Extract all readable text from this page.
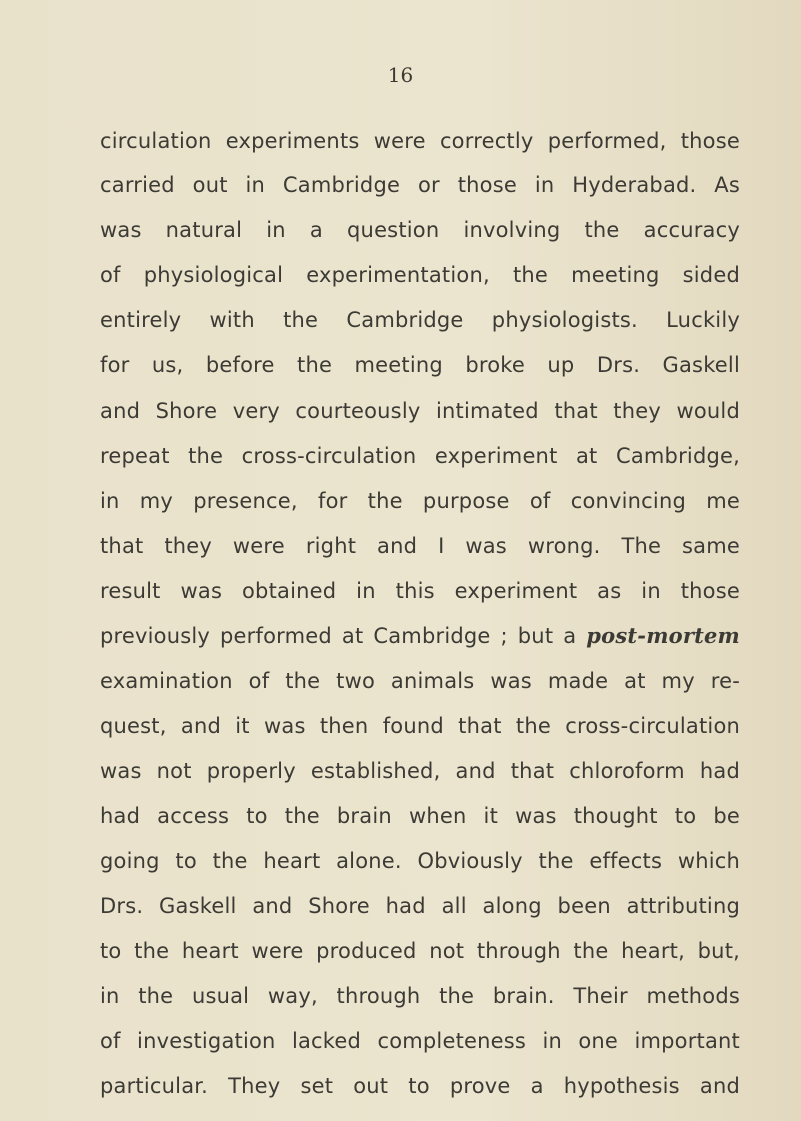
16
circulation experiments were correctly performed, those
carried out in Cambridge or those in Hyderabad. As
was natural in a question involving the accuracy
of physiological experimentation, the meeting sided
entirely with the Cambridge physiologists. Luckily
for us, before the meeting broke up Drs. Gaskell
and Shore very courteously intimated that they would
repeat the cross-circulation experiment at Cambridge,
in my presence, for the purpose of convincing me
that they were right and I was wrong. The same
result was obtained in this experiment as in those
previously performed at Cambridge ; but a post-mortem
examination of the two animals was made at my re-
quest, and it was then found that the cross-circulation
was not properly established, and that chloroform had
had access to the brain when it was thought to be
going to the heart alone. Obviously the effects which
Drs. Gaskell and Shore had all along been attributing
to the heart were produced not through the heart, but,
in the usual way, through the brain. Their methods
of investigation lacked completeness in one important
particular. They set out to prove a hypothesis and
